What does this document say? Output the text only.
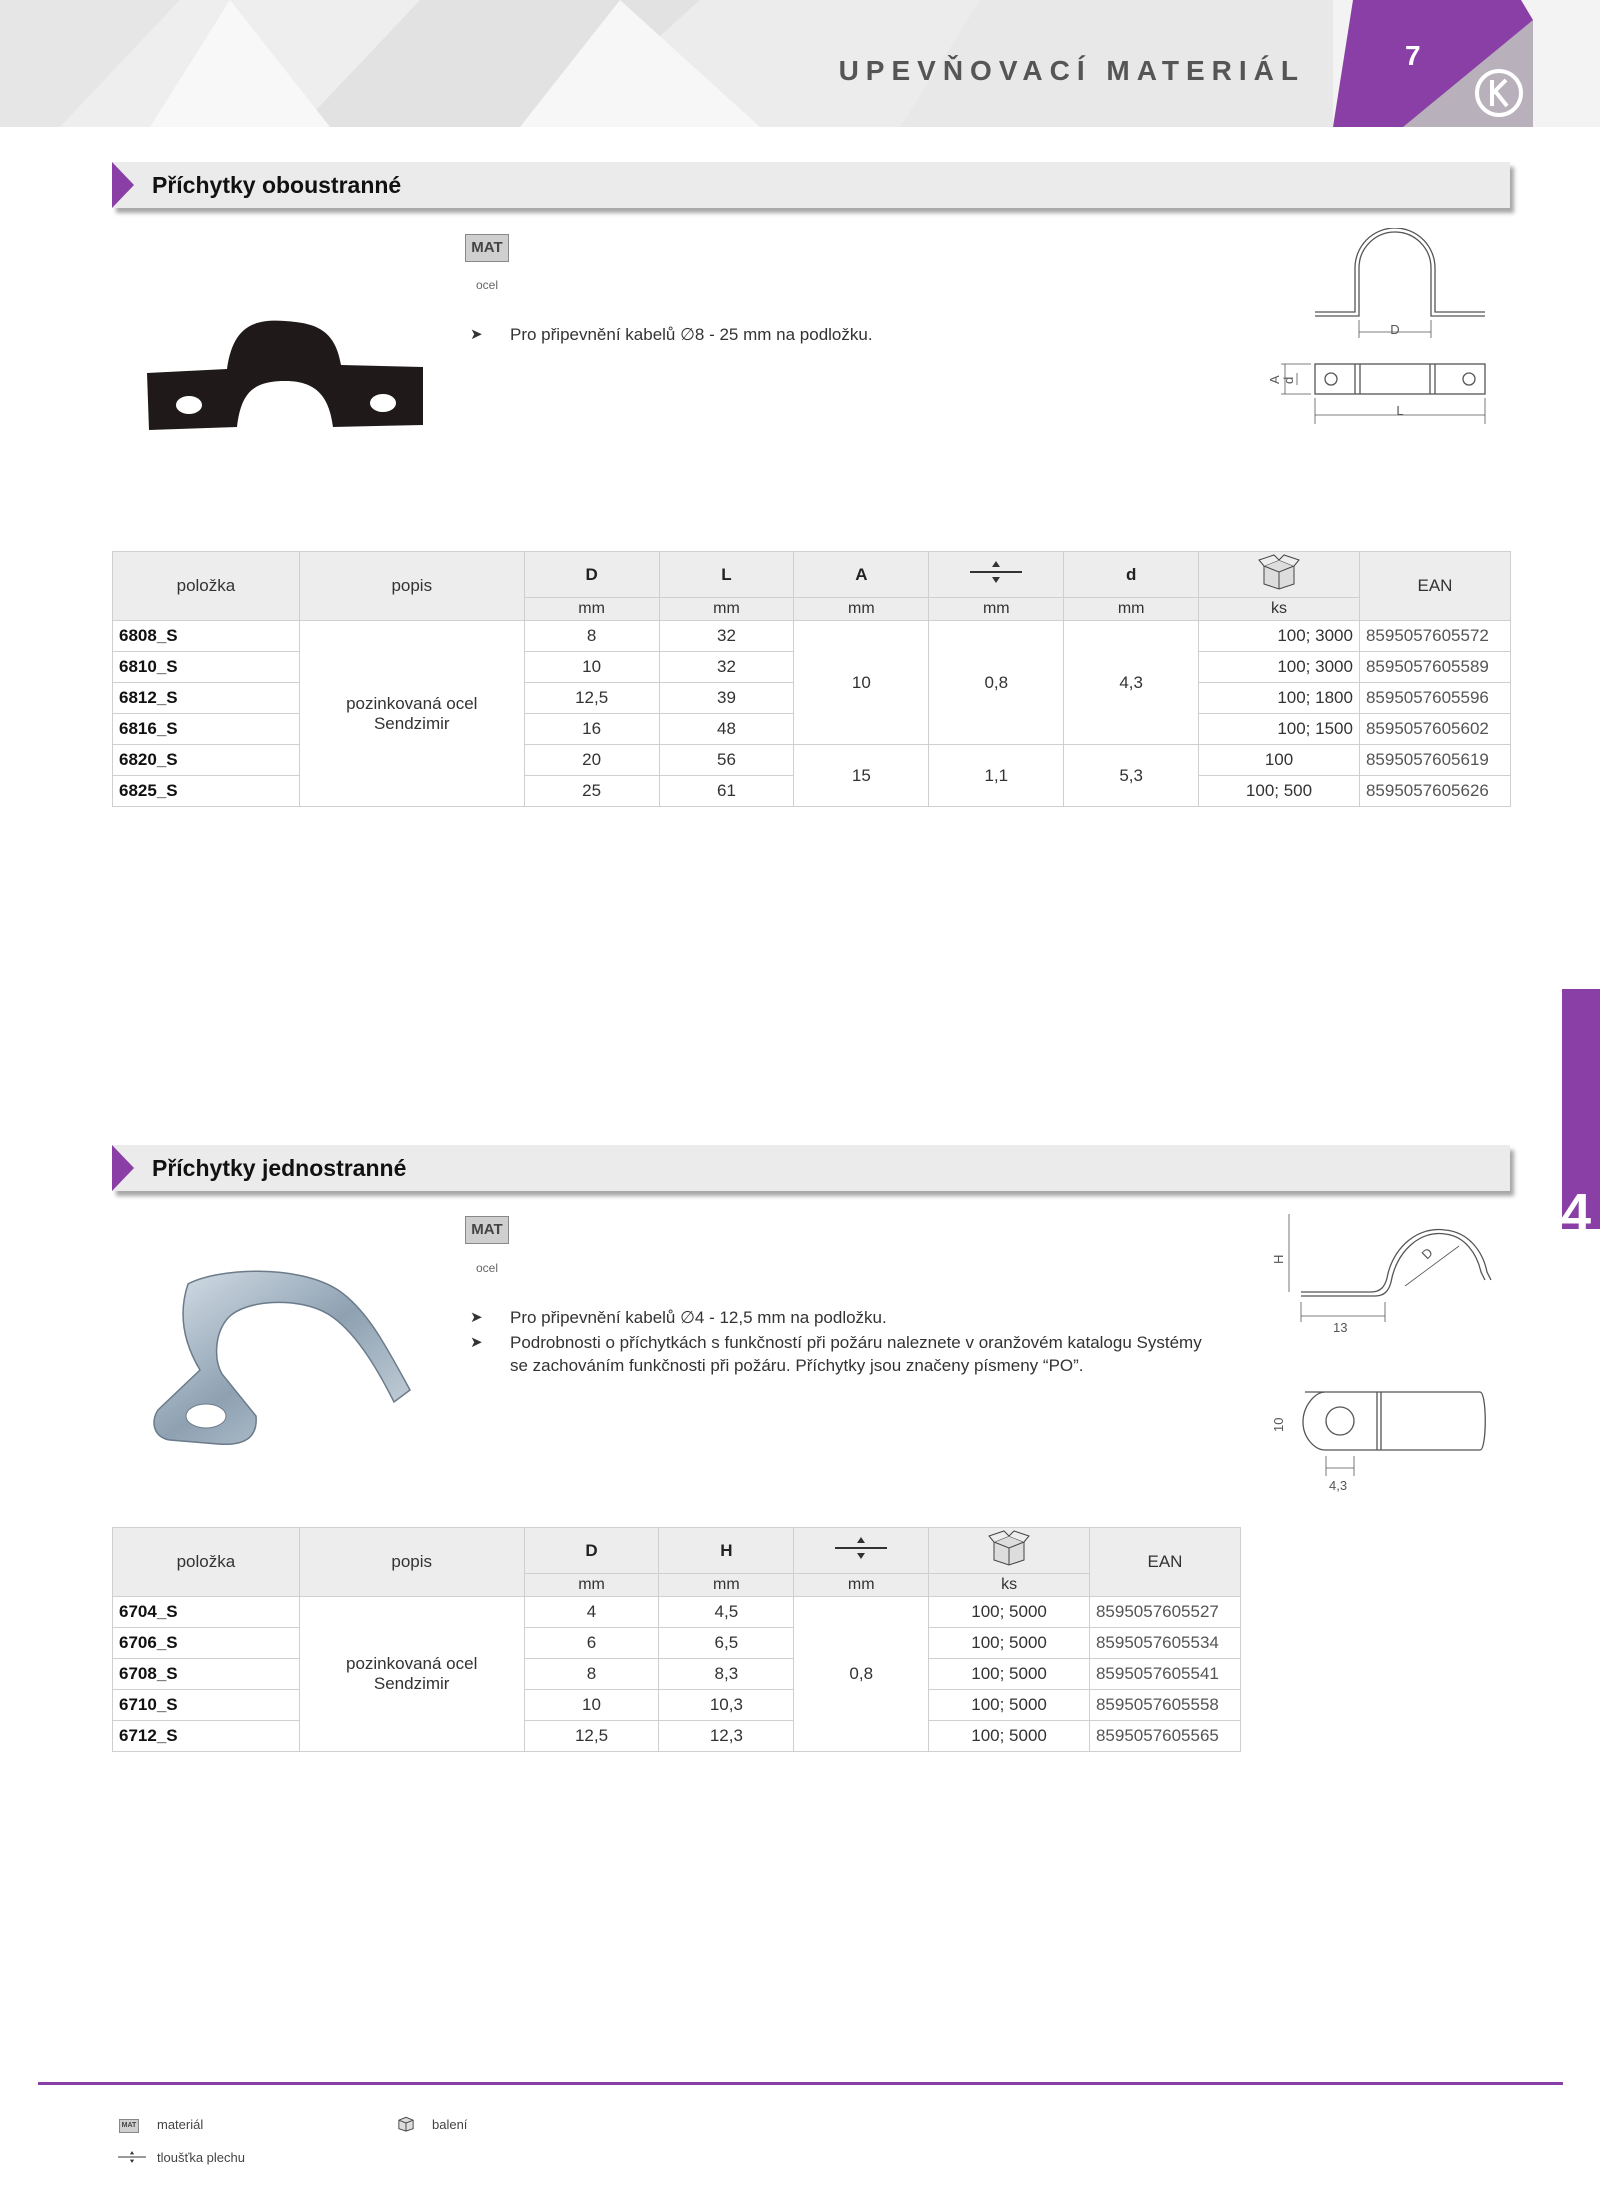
7
UPEVŇOVACÍ MATERIÁL
Příchytky oboustranné
MAT
ocel
➤ Pro připevnění kabelů ∅8 - 25 mm na podložku.	D
L
A d
položka	popis	D	L	A		d		EAN
		mm	mm	mm	mm	mm	ks	
6808_S	pozinkovaná ocel
Sendzimir	8	32	10	0,8	4,3	100; 3000	8595057605572
6810_S		10	32				100; 3000	8595057605589
6812_S		12,5	39				100; 1800	8595057605596
6816_S		16	48				100; 1500	8595057605602
6820_S		20	56	15	1,1	5,3	100	8595057605619
6825_S		25	61				100; 500	8595057605626
4
Příchytky jednostranné
MAT
ocel
➤ Pro připevnění kabelů ∅4 - 12,5 mm na podložku.
➤ Podrobnosti o příchytkách s funkčností při požáru naleznete v oranžovém katalogu Systémy
se zachováním funkčnosti při požáru. Příchytky jsou značeny písmeny “PO”.
H	D
13
10
4,3
položka	popis	D	H			EAN
		mm	mm	mm	ks	
6704_S	pozinkovaná ocel
Sendzimir	4	4,5	0,8	100; 5000	8595057605527
6706_S		6	6,5		100; 5000	8595057605534
6708_S		8	8,3		100; 5000	8595057605541
6710_S		10	10,3		100; 5000	8595057605558
6712_S		12,5	12,3		100; 5000	8595057605565
MAT materiál	balení
tloušťka plechu
